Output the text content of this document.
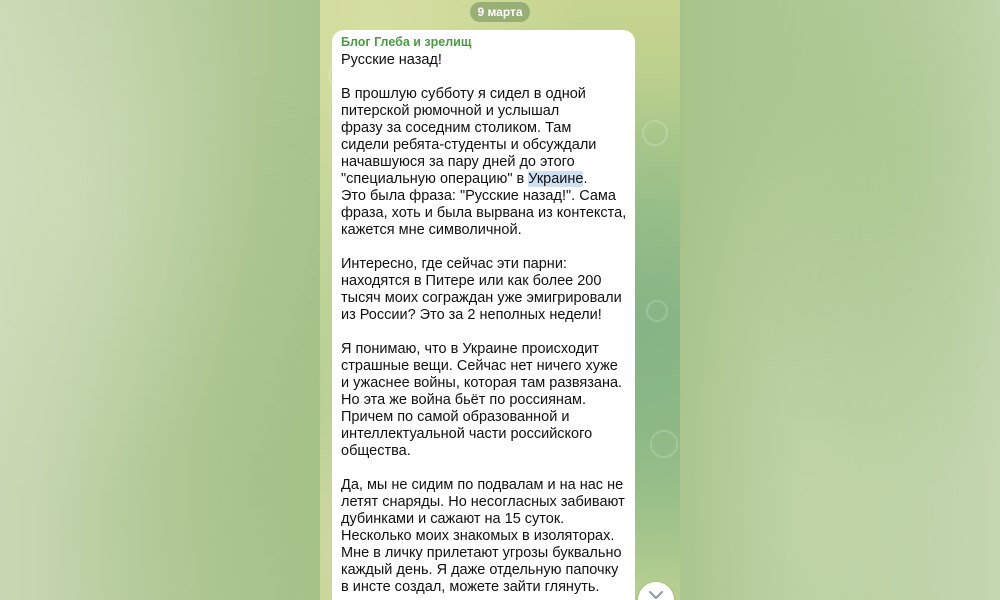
9 марта
Блог Глеба и зрелищ
Русские назад!
В прошлую субботу я сидел в одной
питерской рюмочной и услышал
фразу за соседним столиком. Там
сидели ребята-студенты и обсуждали
начавшуюся за пару дней до этого
"специальную операцию" в Украине.
Это была фраза: "Русские назад!". Сама
фраза, хоть и была вырвана из контекста,
кажется мне символичной.
Интересно, где сейчас эти парни:
находятся в Питере или как более 200
тысяч моих сограждан уже эмигрировали
из России? Это за 2 неполных недели!
Я понимаю, что в Украине происходит
страшные вещи. Сейчас нет ничего хуже
и ужаснее войны, которая там развязана.
Но эта же война бьёт по россиянам.
Причем по самой образованной и
интеллектуальной части российского
общества.
Да, мы не сидим по подвалам и на нас не
летят снаряды. Но несогласных забивают
дубинками и сажают на 15 суток.
Несколько моих знакомых в изоляторах.
Мне в личку прилетают угрозы буквально
каждый день. Я даже отдельную папочку
в инсте создал, можете зайти глянуть.
